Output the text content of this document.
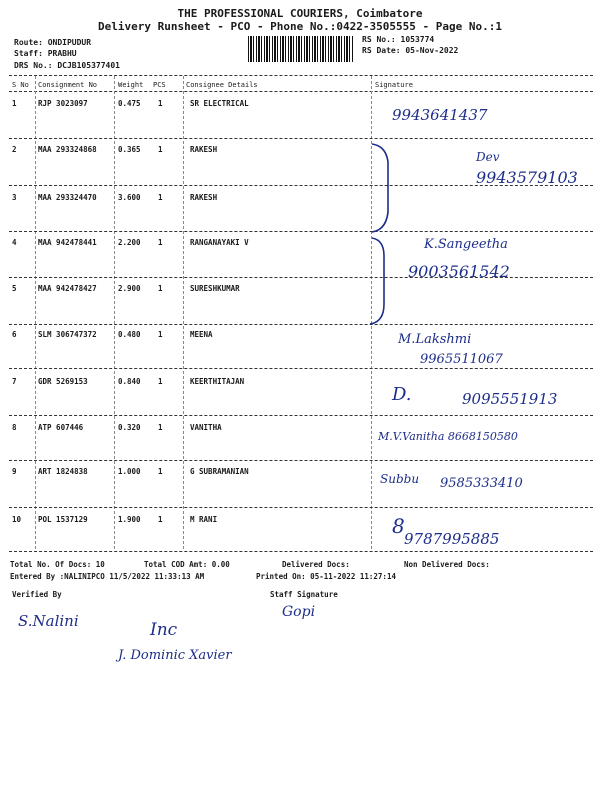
THE PROFESSIONAL COURIERS, Coimbatore
Delivery Runsheet - PCO - Phone No.:0422-3505555 - Page No.:1
Route: ONDIPUDUR
Staff: PRABHU
DRS No.: DCJB105377401
RS No.: 1053774
RS Date: 05-Nov-2022
S No Consignment No	Weight PCS	Consignee Details	Signature
1	RJP 3023097	0.475 1	SR ELECTRICAL
9943641437
2	MAA 293324868	0.365 1	RAKESH
Dev
9943579103
3	MAA 293324470	3.600 1	RAKESH
4	MAA 942478441	2.200 1	RANGANAYAKI V	K.Sangeetha
5	MAA 942478427	2.900 1	SURESHKUMAR
9003561542
6	SLM 306747372	0.480 1	MEENA	M.Lakshmi
9965511067
7	GDR 5269153	0.840 1	KEERTHITAJAN
D.	9095551913
8	ATP 607446	0.320 1	VANITHA
M.V.Vanitha 8668150580
9	ART 1824838	1.000 1	G SUBRAMANIAN
Subbu 9585333410
10 POL 1537129	1.900 1	M RANI	8
9787995885
Total No. Of Docs: 10	Total COD Amt: 0.00	Delivered Docs:	Non Delivered Docs:
Entered By :NALINIPCO 11/5/2022 11:33:13 AM	Printed On: 05-11-2022 11:27:14
Verified By	Staff Signature
S.Nalini	Inc
Gopi
J. Dominic Xavier
